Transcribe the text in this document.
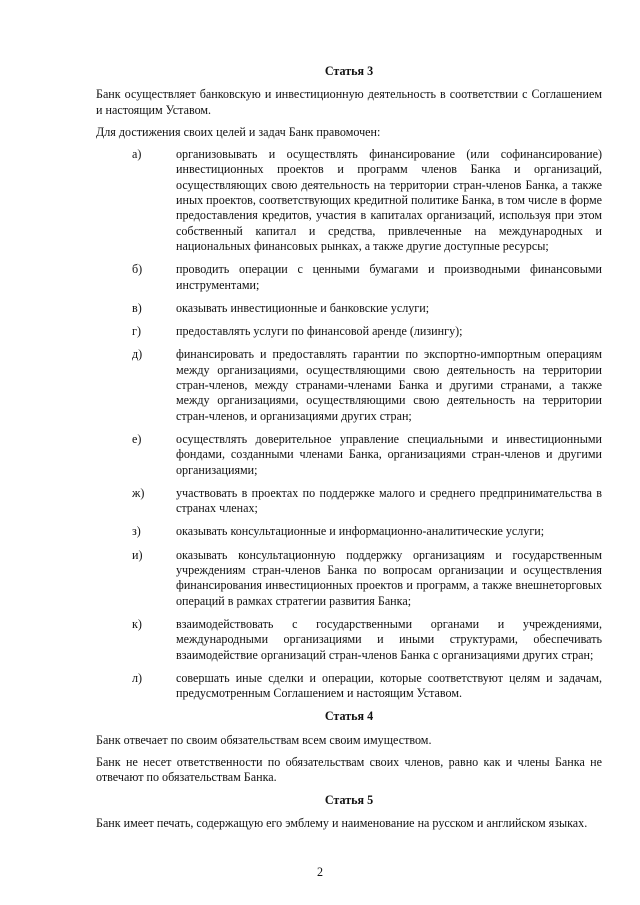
Статья 3

Банк осуществляет банковскую и инвестиционную деятельность в соответствии с Соглашением и настоящим Уставом.

Для достижения своих целей и задач Банк правомочен:

а)	организовывать и осуществлять финансирование (или софинансирование) инвестиционных проектов и программ членов Банка и организаций, осуществляющих свою деятельность на территории стран-членов Банка, а также иных проектов, соответствующих кредитной политике Банка, в том числе в форме предоставления кредитов, участия в капиталах организаций, используя при этом собственный капитал и средства, привлеченные на международных и национальных финансовых рынках, а также другие доступные ресурсы;
б)	проводить операции с ценными бумагами и производными финансовыми инструментами;
в)	оказывать инвестиционные и банковские услуги;
г)	предоставлять услуги по финансовой аренде (лизингу);
д)	финансировать и предоставлять гарантии по экспортно-импортным операциям между организациями, осуществляющими свою деятельность на территории стран-членов, между странами-членами Банка и другими странами, а также между организациями, осуществляющими свою деятельность на территории стран-членов, и организациями других стран;
е)	осуществлять доверительное управление специальными и инвестиционными фондами, созданными членами Банка, организациями стран-членов и другими организациями;
ж)	участвовать в проектах по поддержке малого и среднего предпринимательства в странах членах;
з)	оказывать консультационные и информационно-аналитические услуги;
и)	оказывать консультационную поддержку организациям и государственным учреждениям стран-членов Банка по вопросам организации и осуществления финансирования инвестиционных проектов и программ, а также внешнеторговых операций в рамках стратегии развития Банка;
к)	взаимодействовать с государственными органами и учреждениями, международными организациями и иными структурами, обеспечивать взаимодействие организаций стран-членов Банка с организациями других стран;
л)	совершать иные сделки и операции, которые соответствуют целям и задачам, предусмотренным Соглашением и настоящим Уставом.
Статья 4

Банк отвечает по своим обязательствам всем своим имуществом.

Банк не несет ответственности по обязательствам своих членов, равно как и члены Банка не отвечают по обязательствам Банка.

Статья 5

Банк имеет печать, содержащую его эмблему и наименование на русском и английском языках.

2
